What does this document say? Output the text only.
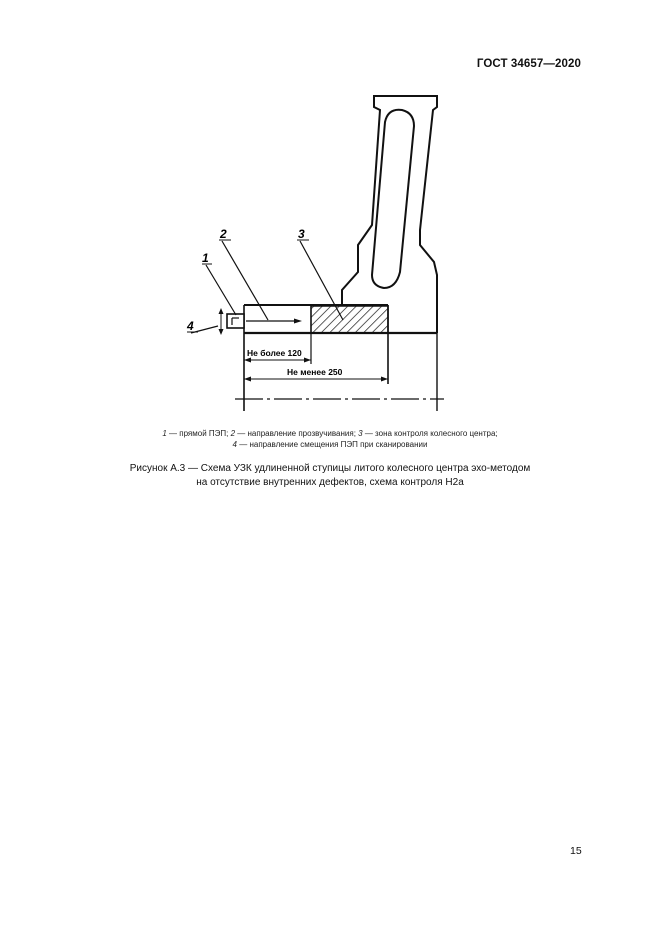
ГОСТ 34657—2020
1
2	3
4
Не более 120
Не менее 250
1 — прямой ПЭП; 2 — направление прозвучивания; 3 — зона контроля колесного центра;
4 — направление смещения ПЭП при сканировании
Рисунок А.3 — Схема УЗК удлиненной ступицы литого колесного центра эхо-методом
на отсутствие внутренних дефектов, схема контроля Н2а
15
